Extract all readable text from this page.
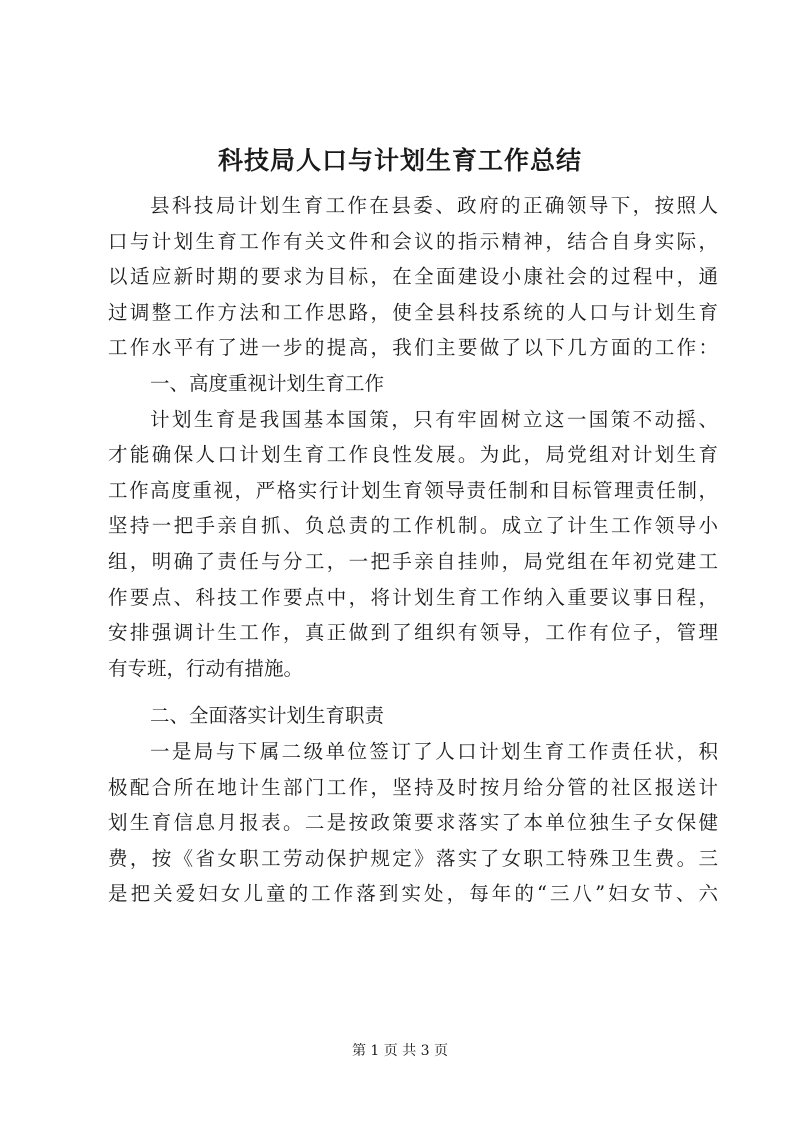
科技局人口与计划生育工作总结
县科技局计划生育工作在县委、政府的正确领导下，按照人
口与计划生育工作有关文件和会议的指示精神，结合自身实际，
以适应新时期的要求为目标，在全面建设小康社会的过程中，通
过调整工作方法和工作思路，使全县科技系统的人口与计划生育
工作水平有了进一步的提高，我们主要做了以下几方面的工作：
一、高度重视计划生育工作
计划生育是我国基本国策，只有牢固树立这一国策不动摇、
才能确保人口计划生育工作良性发展。为此，局党组对计划生育
工作高度重视，严格实行计划生育领导责任制和目标管理责任制，
坚持一把手亲自抓、负总责的工作机制。成立了计生工作领导小
组，明确了责任与分工，一把手亲自挂帅，局党组在年初党建工
作要点、科技工作要点中，将计划生育工作纳入重要议事日程，
安排强调计生工作，真正做到了组织有领导，工作有位子，管理
有专班，行动有措施。
二、全面落实计划生育职责
一是局与下属二级单位签订了人口计划生育工作责任状，积
极配合所在地计生部门工作，坚持及时按月给分管的社区报送计
划生育信息月报表。二是按政策要求落实了本单位独生子女保健
费，按《省女职工劳动保护规定》落实了女职工特殊卫生费。三
是把关爱妇女儿童的工作落到实处，每年的“三八”妇女节、六
第 1 页 共 3 页
